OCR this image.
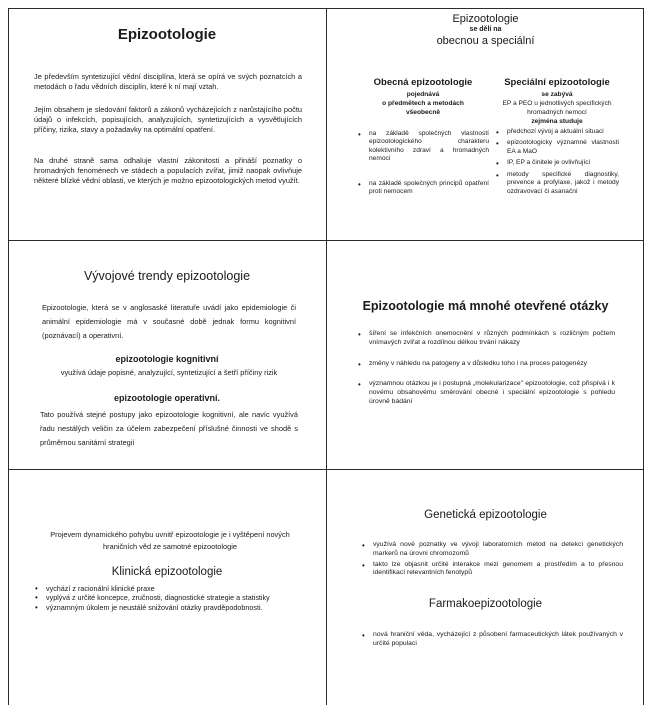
Epizootologie
Je především syntetizující vědní disciplína, která se opírá ve svých poznatcích a metodách o řadu vědních disciplín, které k ní mají vztah.
Jejím obsahem je sledování faktorů a zákonů vycházejících z narůstajícího počtu údajů o infekcích, popisujících, analyzujících, syntetizujících a vysvětlujících příčiny, rizika, stavy a požadavky na optimální opatření.
Na druhé straně sama odhaluje vlastní zákonitosti a přináší poznatky o hromadných fenoménech ve stádech a populacích zvířat, jimiž naopak ovlivňuje některé blízké vědní oblasti, ve kterých je možno epizootologických metod využít.
Epizootologie
se dělí na
obecnou a speciální
Obecná epizootologie
pojednává
o předmětech a metodách
všeobecně
• na základě společných vlastností epizootologického charakteru kolektivního zdraví a hromadných nemocí
• na základě společných principů opatření proti nemocem
Speciální epizootologie
se zabývá
EP a PEO u jednotlivých specifických hromadných nemocí
zejména studuje
• předchozí vývoj a aktuální situaci
• epizootologicky významné vlastnosti EA a MaO
• IP, EP a činitele je ovlivňující
• metody specifické diagnostiky, prevence a profylaxe, jakož i metody ozdravovací či asanační
Vývojové trendy epizootologie
Epizootologie, která se v anglosaské literatuře uvádí jako epidemiologie či animální epidemiologie má v současné době jednak formu kognitivní (poznávací) a operativní.
epizootologie kognitivní
využívá údaje popisné, analyzující, syntetizující a šetří příčiny rizik
epizootologie operativní.
Tato používá stejné postupy jako epizootologie kognitivní, ale navíc využívá řadu nestálých veličin za účelem zabezpečení příslušné činnosti ve shodě s průměrnou sanitární strategií
Epizootologie má mnohé otevřené otázky
• šíření se infekčních onemocnění v různých podmínkách s rozličným počtem vnímavých zvířat a rozdílnou délkou trvání nákazy
• změny v náhledu na patogeny a v důsledku toho i na proces patogenézy
• významnou otázkou je i postupná „molekularizace" epizootologie, což přispívá i k novému obsahovému směrování obecné i speciální epizootologie s pohledu úrovně bádání
Projevem dynamického pohybu uvnitř epizootologie je i vyštěpení nových hraničních věd ze samotné epizootologie
Klinická epizootologie
• vychází z racionální klinické praxe
• vyplývá z určité koncepce, zručnosti, diagnostické strategie a statistiky
• významným úkolem je neustálé snižování otázky pravděpodobnosti.
Genetická epizootologie
• využívá nové poznatky ve vývoji laboratorních metod na detekci genetických markerů na úrovni chromozomů
• takto lze objasnit určité interakce mezi genomem a prostředím a to přesnou identifikací relevantních fenotypů
Farmakoepizootologie
• nová hraniční věda, vycházející z působení farmaceutických látek používaných v určité populaci
